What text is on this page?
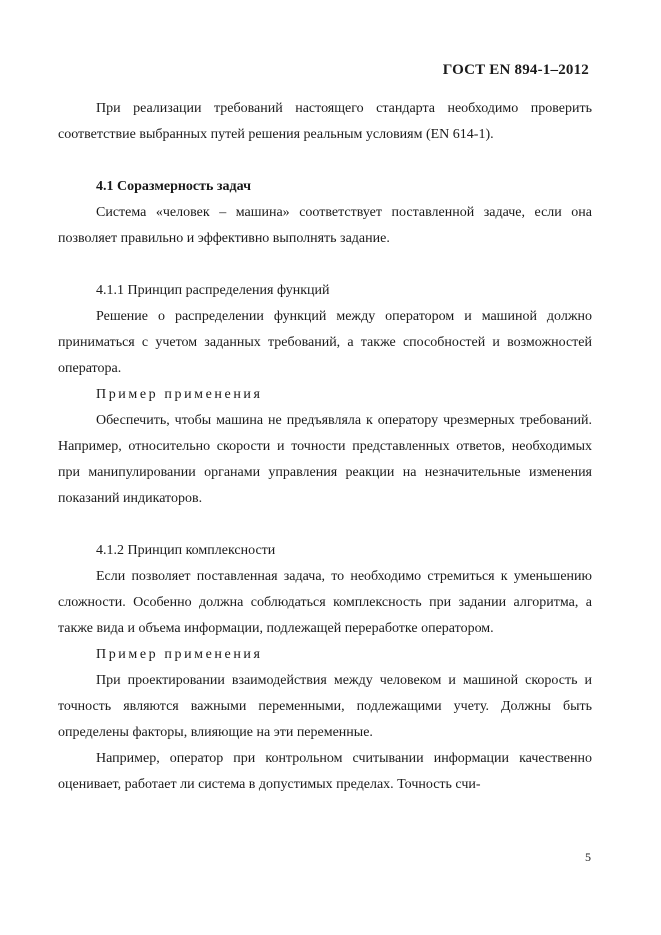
ГОСТ EN 894-1–2012

При реализации требований настоящего стандарта необходимо проверить соответствие выбранных путей решения реальным условиям (EN 614-1).

4.1 Соразмерность задач

Система «человек – машина» соответствует поставленной задаче, если она позволяет правильно и эффективно выполнять задание.

4.1.1 Принцип распределения функций

Решение о распределении функций между оператором и машиной должно приниматься с учетом заданных требований, а также способностей и возможностей оператора.

Пример применения

Обеспечить, чтобы машина не предъявляла к оператору чрезмерных требований. Например, относительно скорости и точности представленных ответов, необходимых при манипулировании органами управления реакции на незначительные изменения показаний индикаторов.

4.1.2 Принцип комплексности

Если позволяет поставленная задача, то необходимо стремиться к уменьшению сложности. Особенно должна соблюдаться комплексность при задании алгоритма, а также вида и объема информации, подлежащей переработке оператором.

Пример применения

При проектировании взаимодействия между человеком и машиной скорость и точность являются важными переменными, подлежащими учету. Должны быть определены факторы, влияющие на эти переменные.

Например, оператор при контрольном считывании информации качественно оценивает, работает ли система в допустимых пределах. Точность счи-

5
